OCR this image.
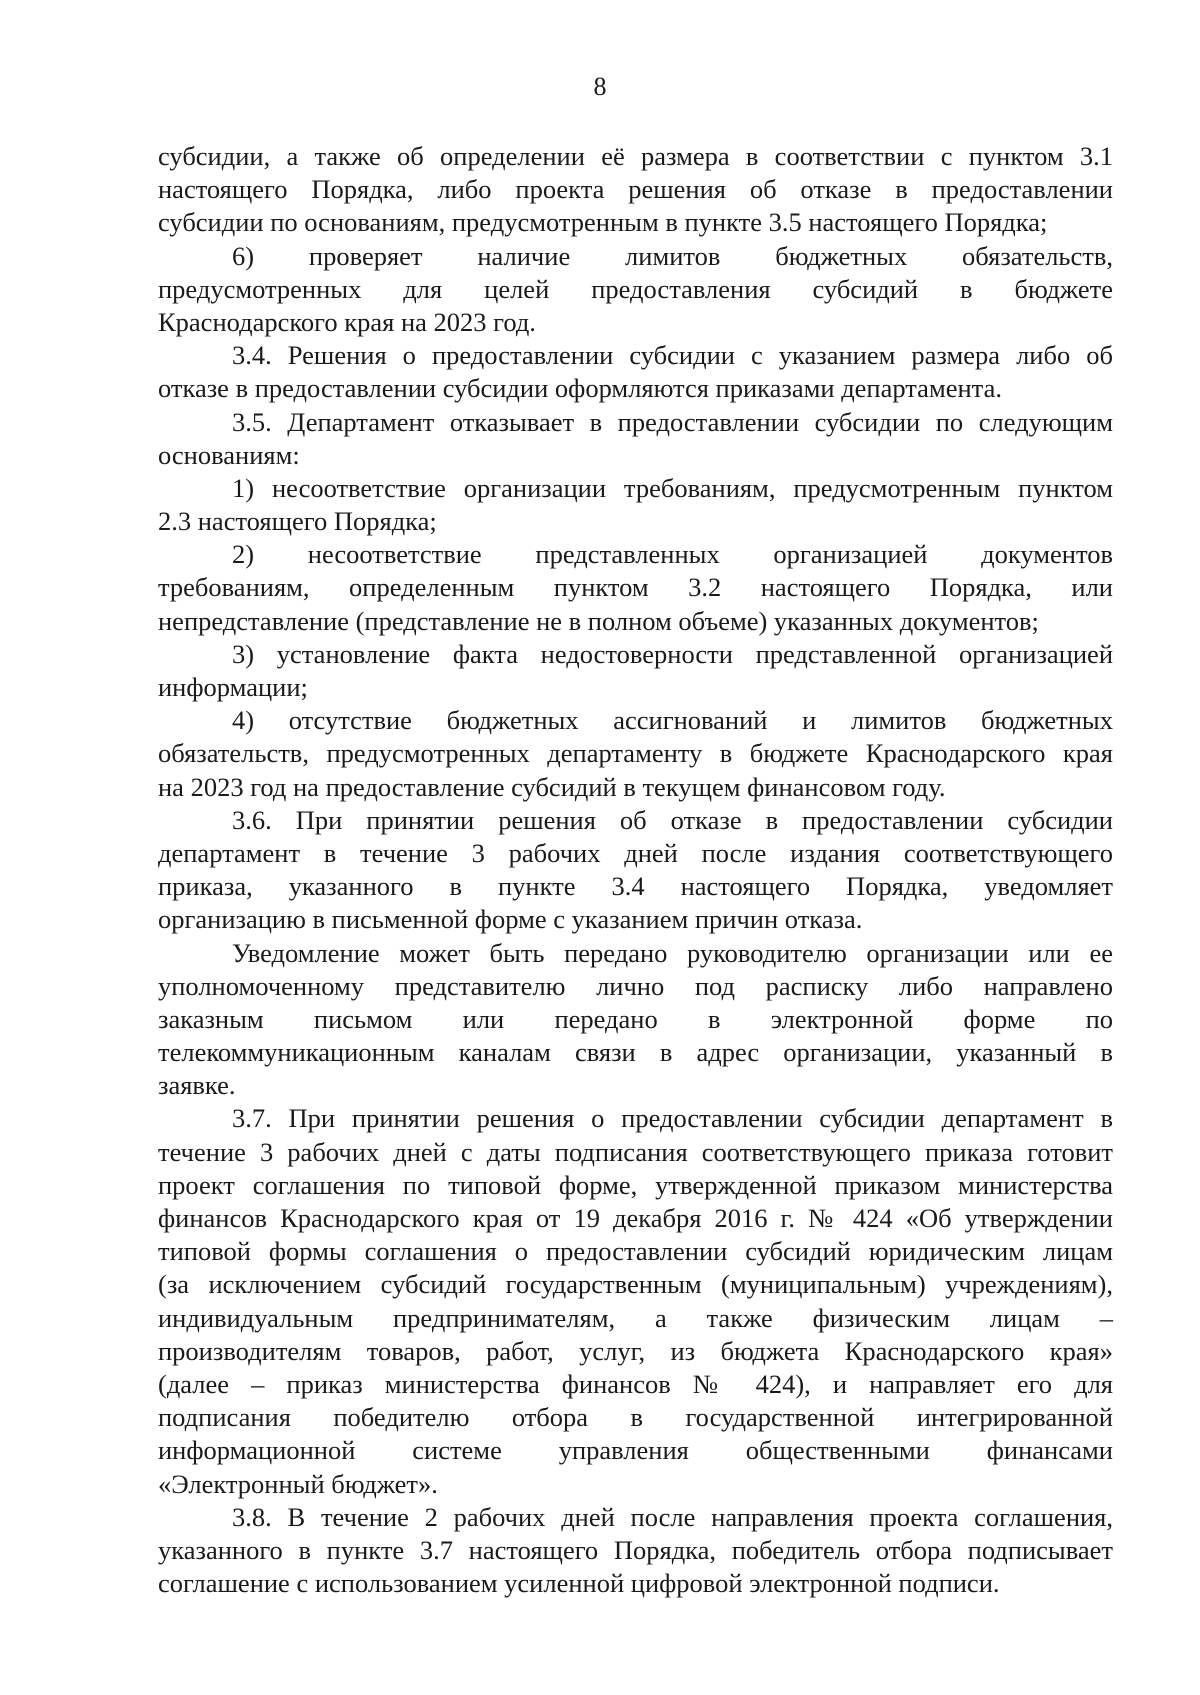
8
субсидии, а также об определении её размера в соответствии с пунктом 3.1
настоящего Порядка, либо проекта решения об отказе в предоставлении
субсидии по основаниям, предусмотренным в пункте 3.5 настоящего Порядка;
6) проверяет наличие лимитов бюджетных обязательств,
предусмотренных для целей предоставления субсидий в бюджете
Краснодарского края на 2023 год.
3.4. Решения о предоставлении субсидии с указанием размера либо об
отказе в предоставлении субсидии оформляются приказами департамента.
3.5. Департамент отказывает в предоставлении субсидии по следующим
основаниям:
1) несоответствие организации требованиям, предусмотренным пунктом
2.3 настоящего Порядка;
2) несоответствие представленных организацией документов
требованиям, определенным пунктом 3.2 настоящего Порядка, или
непредставление (представление не в полном объеме) указанных документов;
3) установление факта недостоверности представленной организацией
информации;
4) отсутствие бюджетных ассигнований и лимитов бюджетных
обязательств, предусмотренных департаменту в бюджете Краснодарского края
на 2023 год на предоставление субсидий в текущем финансовом году.
3.6. При принятии решения об отказе в предоставлении субсидии
департамент в течение 3 рабочих дней после издания соответствующего
приказа, указанного в пункте 3.4 настоящего Порядка, уведомляет
организацию в письменной форме с указанием причин отказа.
Уведомление может быть передано руководителю организации или ее
уполномоченному представителю лично под расписку либо направлено
заказным письмом или передано в электронной форме по
телекоммуникационным каналам связи в адрес организации, указанный в
заявке.
3.7. При принятии решения о предоставлении субсидии департамент в
течение 3 рабочих дней с даты подписания соответствующего приказа готовит
проект соглашения по типовой форме, утвержденной приказом министерства
финансов Краснодарского края от 19 декабря 2016 г. № 424 «Об утверждении
типовой формы соглашения о предоставлении субсидий юридическим лицам
(за исключением субсидий государственным (муниципальным) учреждениям),
индивидуальным предпринимателям, а также физическим лицам –
производителям товаров, работ, услуг, из бюджета Краснодарского края»
(далее – приказ министерства финансов № 424), и направляет его для
подписания победителю отбора в государственной интегрированной
информационной системе управления общественными финансами
«Электронный бюджет».
3.8. В течение 2 рабочих дней после направления проекта соглашения,
указанного в пункте 3.7 настоящего Порядка, победитель отбора подписывает
соглашение с использованием усиленной цифровой электронной подписи.
